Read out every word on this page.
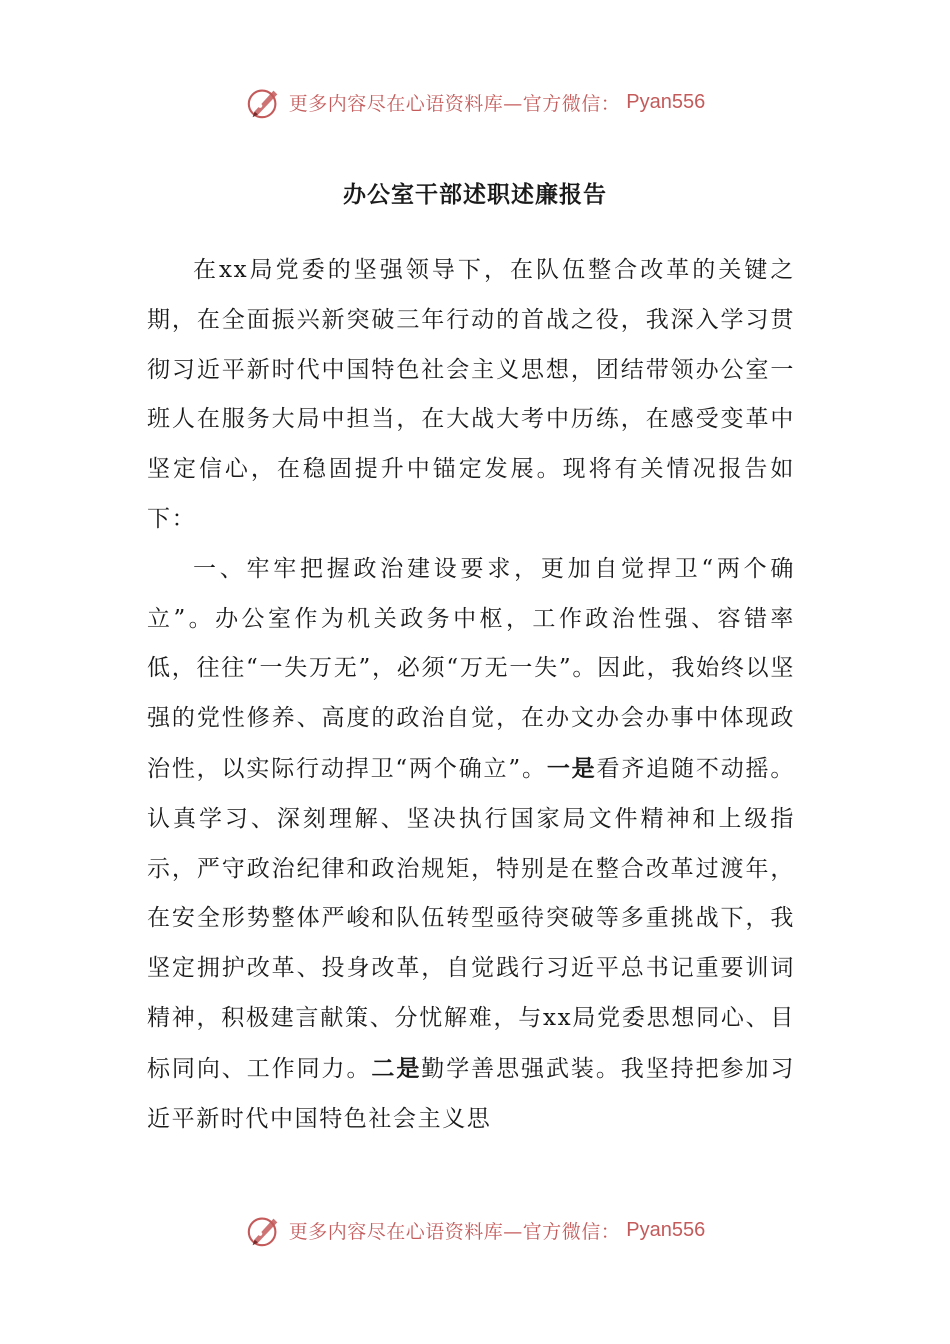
更多内容尽在心语资料库—官方微信： Pyan556
办公室干部述职述廉报告

在xx局党委的坚强领导下，在队伍整合改革的关键之期，在全面振兴新突破三年行动的首战之役，我深入学习贯彻习近平新时代中国特色社会主义思想，团结带领办公室一班人在服务大局中担当，在大战大考中历练，在感受变革中坚定信心，在稳固提升中锚定发展。现将有关情况报告如下：

一、牢牢把握政治建设要求，更加自觉捍卫“两个确立”。办公室作为机关政务中枢，工作政治性强、容错率低，往往“一失万无”，必须“万无一失”。因此，我始终以坚强的党性修养、高度的政治自觉，在办文办会办事中体现政治性，以实际行动捍卫“两个确立”。一是看齐追随不动摇。认真学习、深刻理解、坚决执行国家局文件精神和上级指示，严守政治纪律和政治规矩，特别是在整合改革过渡年，在安全形势整体严峻和队伍转型亟待突破等多重挑战下，我坚定拥护改革、投身改革，自觉践行习近平总书记重要训词精神，积极建言献策、分忧解难，与xx局党委思想同心、目标同向、工作同力。二是勤学善思强武装。我坚持把参加习近平新时代中国特色社会主义思

更多内容尽在心语资料库—官方微信： Pyan556
